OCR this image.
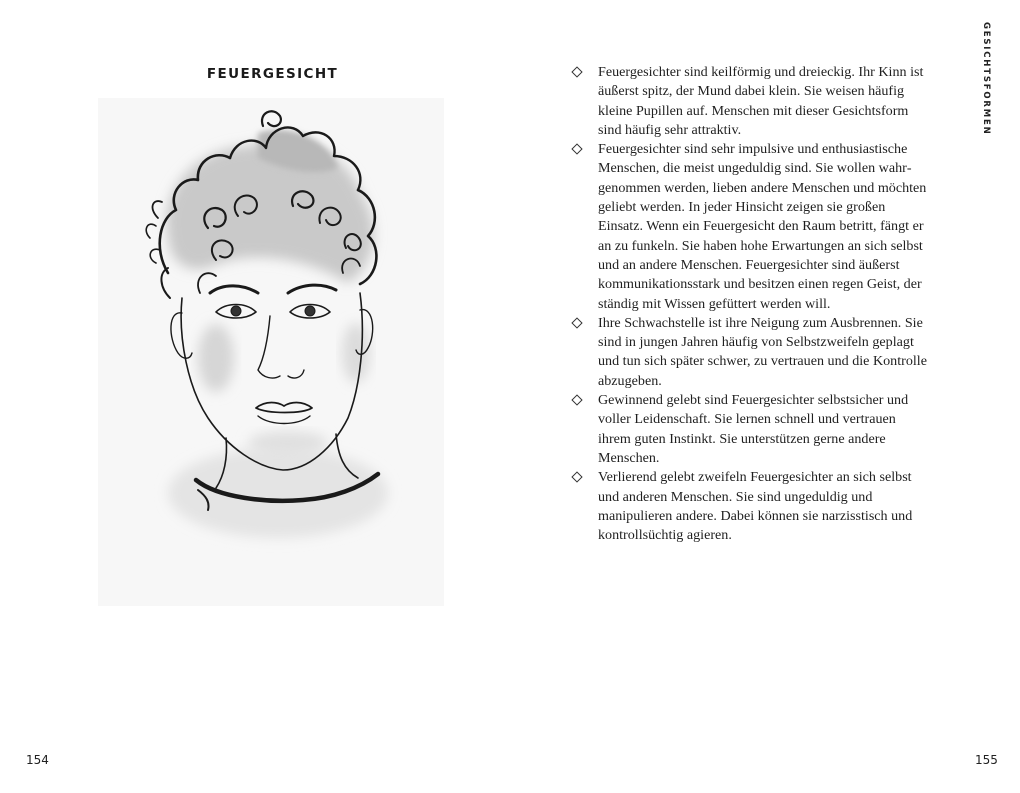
FEUERGESICHT
154
Feuergesichter sind keilförmig und dreieckig. Ihr Kinn ist äußerst spitz, der Mund dabei klein. Sie weisen häufig kleine Pupillen auf. Menschen mit dieser Gesichtsform sind häufig sehr attraktiv.
Feuergesichter sind sehr impulsive und enthusiastische Menschen, die meist ungeduldig sind. Sie wollen wahrgenommen werden, lieben andere Menschen und möchten geliebt werden. In jeder Hinsicht zeigen sie großen Einsatz. Wenn ein Feuergesicht den Raum betritt, fängt er an zu funkeln. Sie haben hohe Erwartungen an sich selbst und an andere Menschen. Feuergesichter sind äußerst kommunikationsstark und besitzen einen regen Geist, der ständig mit Wissen gefüttert werden will.
Ihre Schwachstelle ist ihre Neigung zum Ausbrennen. Sie sind in jungen Jahren häufig von Selbstzweifeln geplagt und tun sich später schwer, zu vertrauen und die Kontrolle abzugeben.
Gewinnend gelebt sind Feuergesichter selbstsicher und voller Leidenschaft. Sie lernen schnell und vertrauen ihrem guten Instinkt. Sie unterstützen gerne andere Menschen.
Verlierend gelebt zweifeln Feuergesichter an sich selbst und anderen Menschen. Sie sind ungeduldig und manipulieren andere. Dabei können sie narzisstisch und kontrollsüchtig agieren.
GESICHTSFORMEN
155
